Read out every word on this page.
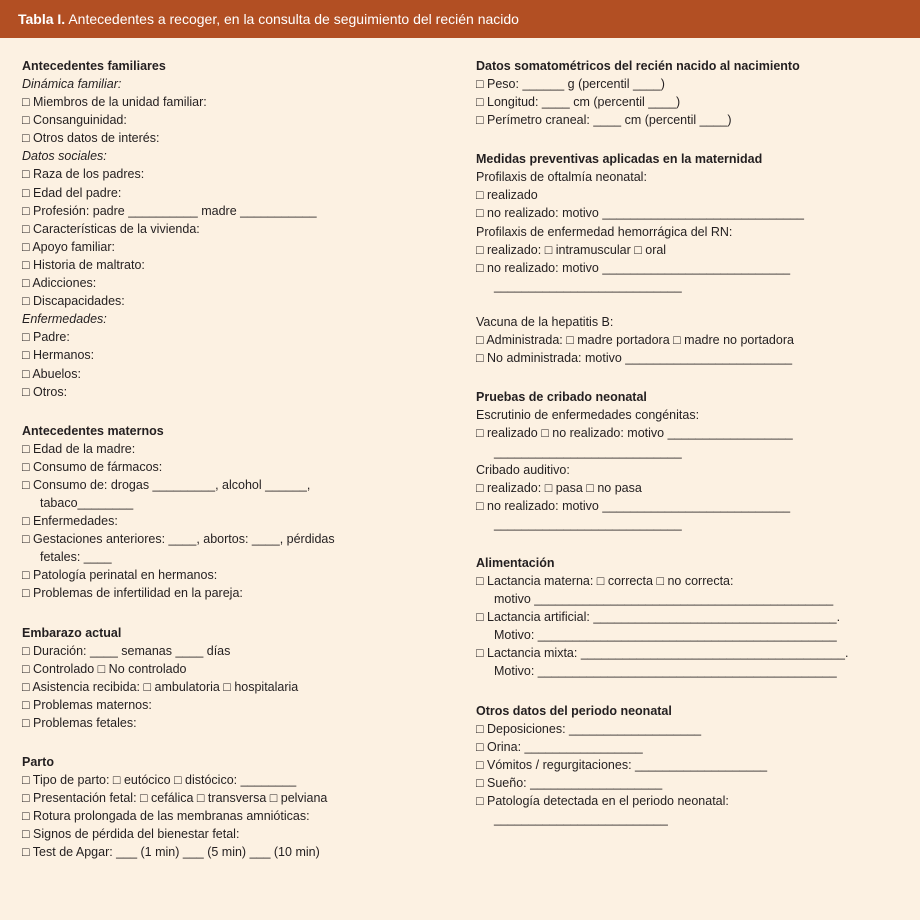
Tabla I. Antecedentes a recoger, en la consulta de seguimiento del recién nacido
Antecedentes familiares
Dinámica familiar:
□ Miembros de la unidad familiar:
□ Consanguinidad:
□ Otros datos de interés:
Datos sociales:
□ Raza de los padres:
□ Edad del padre:
□ Profesión: padre __________ madre ___________
□ Características de la vivienda:
□ Apoyo familiar:
□ Historia de maltrato:
□ Adicciones:
□ Discapacidades:
Enfermedades:
□ Padre:
□ Hermanos:
□ Abuelos:
□ Otros:
Antecedentes maternos
□ Edad de la madre:
□ Consumo de fármacos:
□ Consumo de: drogas _________, alcohol ______,
tabaco________
□ Enfermedades:
□ Gestaciones anteriores: ____, abortos: ____, pérdidas
fetales: ____
□ Patología perinatal en hermanos:
□ Problemas de infertilidad en la pareja:
Embarazo actual
□ Duración: ____ semanas ____ días
□ Controlado □ No controlado
□ Asistencia recibida: □ ambulatoria □ hospitalaria
□ Problemas maternos:
□ Problemas fetales:
Parto
□ Tipo de parto: □ eutócico □ distócico: ________
□ Presentación fetal: □ cefálica □ transversa □ pelviana
□ Rotura prolongada de las membranas amnióticas:
□ Signos de pérdida del bienestar fetal:
□ Test de Apgar: ___ (1 min) ___ (5 min) ___ (10 min)
Datos somatométricos del recién nacido al nacimiento
□ Peso: ______ g (percentil ____)
□ Longitud: ____ cm (percentil ____)
□ Perímetro craneal: ____ cm (percentil ____)
Medidas preventivas aplicadas en la maternidad
Profilaxis de oftalmía neonatal:
□ realizado
□ no realizado: motivo _____________________________
Profilaxis de enfermedad hemorrágica del RN:
□ realizado: □ intramuscular □ oral
□ no realizado: motivo ___________________________
___________________________
Vacuna de la hepatitis B:
□ Administrada: □ madre portadora □ madre no portadora
□ No administrada: motivo ________________________
Pruebas de cribado neonatal
Escrutinio de enfermedades congénitas:
□ realizado □ no realizado: motivo __________________
___________________________
Cribado auditivo:
□ realizado: □ pasa □ no pasa
□ no realizado: motivo ___________________________
___________________________
Alimentación
□ Lactancia materna: □ correcta □ no correcta:
motivo ___________________________________________
□ Lactancia artificial: ___________________________________.
Motivo: ___________________________________________
□ Lactancia mixta: ______________________________________.
Motivo: ___________________________________________
Otros datos del periodo neonatal
□ Deposiciones: ___________________
□ Orina: _________________
□ Vómitos / regurgitaciones: ___________________
□ Sueño: ___________________
□ Patología detectada en el periodo neonatal:
_________________________
